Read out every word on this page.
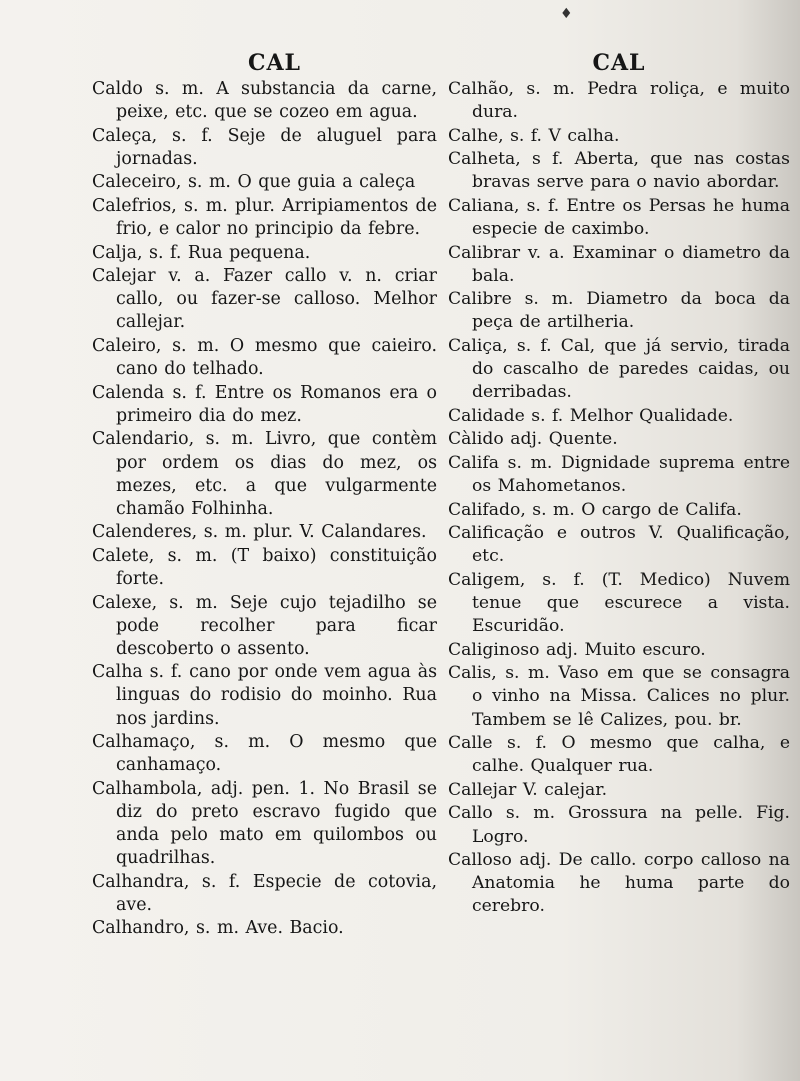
♦
CAL

Caldo s. m. A substancia da carne, peixe, etc. que se cozeo em agua.

Caleça, s. f. Seje de aluguel para jornadas.

Caleceiro, s. m. O que guia a caleça

Calefrios, s. m. plur. Arripiamentos de frio, e calor no principio da febre.

Calja, s. f. Rua pequena.

Calejar v. a. Fazer callo v. n. criar callo, ou fazer-se calloso. Melhor callejar.

Caleiro, s. m. O mesmo que caieiro. cano do telhado.

Calenda s. f. Entre os Romanos era o primeiro dia do mez.

Calendario, s. m. Livro, que contèm por ordem os dias do mez, os mezes, etc. a que vulgarmente chamão Folhinha.

Calenderes, s. m. plur. V. Calandares.

Calete, s. m. (T baixo) constituição forte.

Calexe, s. m. Seje cujo tejadilho se pode recolher para ficar descoberto o assento.

Calha s. f. cano por onde vem agua às linguas do rodisio do moinho. Rua nos jardins.

Calhamaço, s. m. O mesmo que canhamaço.

Calhambola, adj. pen. 1. No Brasil se diz do preto escravo fugido que anda pelo mato em quilombos ou quadrilhas.

Calhandra, s. f. Especie de cotovia, ave.

Calhandro, s. m. Ave. Bacio.

CAL

Calhão, s. m. Pedra roliça, e muito dura.

Calhe, s. f. V calha.

Calheta, s f. Aberta, que nas costas bravas serve para o navio abordar.

Caliana, s. f. Entre os Persas he huma especie de caximbo.

Calibrar v. a. Examinar o diametro da bala.

Calibre s. m. Diametro da boca da peça de artilheria.

Caliça, s. f. Cal, que já servio, tirada do cascalho de paredes caidas, ou derribadas.

Calidade s. f. Melhor Qualidade.

Càlido adj. Quente.

Califa s. m. Dignidade suprema entre os Mahometanos.

Califado, s. m. O cargo de Califa.

Calificação e outros V. Qualificação, etc.

Caligem, s. f. (T. Medico) Nuvem tenue que escurece a vista. Escuridão.

Caliginoso adj. Muito escuro.

Calis, s. m. Vaso em que se consagra o vinho na Missa. Calices no plur. Tambem se lê Calizes, pou. br.

Calle s. f. O mesmo que calha, e calhe. Qualquer rua.

Callejar V. calejar.

Callo s. m. Grossura na pelle. Fig. Logro.

Calloso adj. De callo. corpo calloso na Anatomia he huma parte do cerebro.
